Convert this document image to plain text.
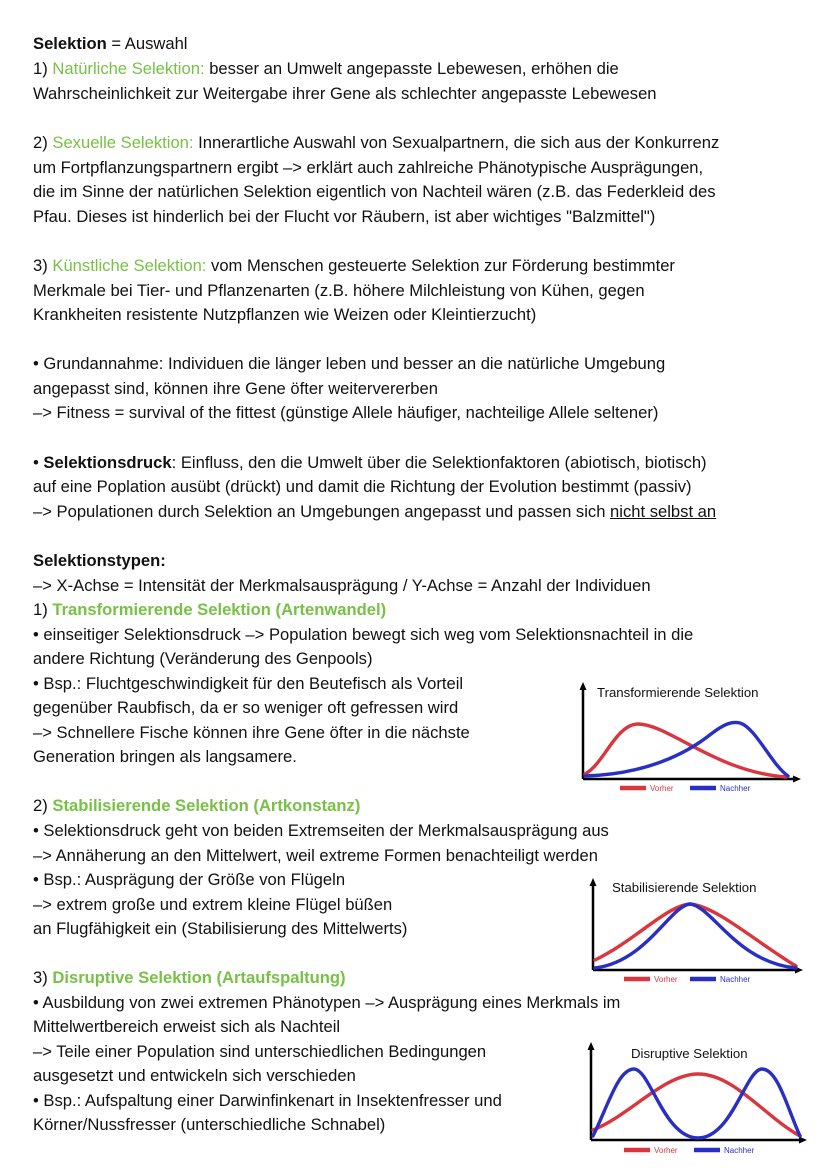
Selektion = Auswahl
1) Natürliche Selektion: besser an Umwelt angepasste Lebewesen, erhöhen die
Wahrscheinlichkeit zur Weitergabe ihrer Gene als schlechter angepasste Lebewesen
2) Sexuelle Selektion: Innerartliche Auswahl von Sexualpartnern, die sich aus der Konkurrenz
um Fortpflanzungspartnern ergibt –> erklärt auch zahlreiche Phänotypische Ausprägungen,
die im Sinne der natürlichen Selektion eigentlich von Nachteil wären (z.B. das Federkleid des
Pfau. Dieses ist hinderlich bei der Flucht vor Räubern, ist aber wichtiges "Balzmittel")
3) Künstliche Selektion: vom Menschen gesteuerte Selektion zur Förderung bestimmter
Merkmale bei Tier- und Pflanzenarten (z.B. höhere Milchleistung von Kühen, gegen
Krankheiten resistente Nutzpflanzen wie Weizen oder Kleintierzucht)
• Grundannahme: Individuen die länger leben und besser an die natürliche Umgebung
angepasst sind, können ihre Gene öfter weitervererben
–> Fitness = survival of the fittest (günstige Allele häufiger, nachteilige Allele seltener)
• Selektionsdruck: Einfluss, den die Umwelt über die Selektionfaktoren (abiotisch, biotisch)
auf eine Poplation ausübt (drückt) und damit die Richtung der Evolution bestimmt (passiv)
–> Populationen durch Selektion an Umgebungen angepasst und passen sich nicht selbst an
Selektionstypen:
–> X-Achse = Intensität der Merkmalsausprägung / Y-Achse = Anzahl der Individuen
1) Transformierende Selektion (Artenwandel)
• einseitiger Selektionsdruck –> Population bewegt sich weg vom Selektionsnachteil in die
andere Richtung (Veränderung des Genpools)
• Bsp.: Fluchtgeschwindigkeit für den Beutefisch als Vorteil
gegenüber Raubfisch, da er so weniger oft gefressen wird
–> Schnellere Fische können ihre Gene öfter in die nächste
Generation bringen als langsamere.
2) Stabilisierende Selektion (Artkonstanz)
• Selektionsdruck geht von beiden Extremseiten der Merkmalsausprägung aus
–> Annäherung an den Mittelwert, weil extreme Formen benachteiligt werden
• Bsp.: Ausprägung der Größe von Flügeln
–> extrem große und extrem kleine Flügel büßen
an Flugfähigkeit ein (Stabilisierung des Mittelwerts)
3) Disruptive Selektion (Artaufspaltung)
• Ausbildung von zwei extremen Phänotypen –> Ausprägung eines Merkmals im
Mittelwertbereich erweist sich als Nachteil
–> Teile einer Population sind unterschiedlichen Bedingungen
ausgesetzt und entwickeln sich verschieden
• Bsp.: Aufspaltung einer Darwinfinkenart in Insektenfresser und
Körner/Nussfresser (unterschiedliche Schnabel)
Transformierende Selektion
Vorher	Nachher
Stabilisierende Selektion
Vorher	Nachher
Disruptive Selektion
Vorher	Nachher
